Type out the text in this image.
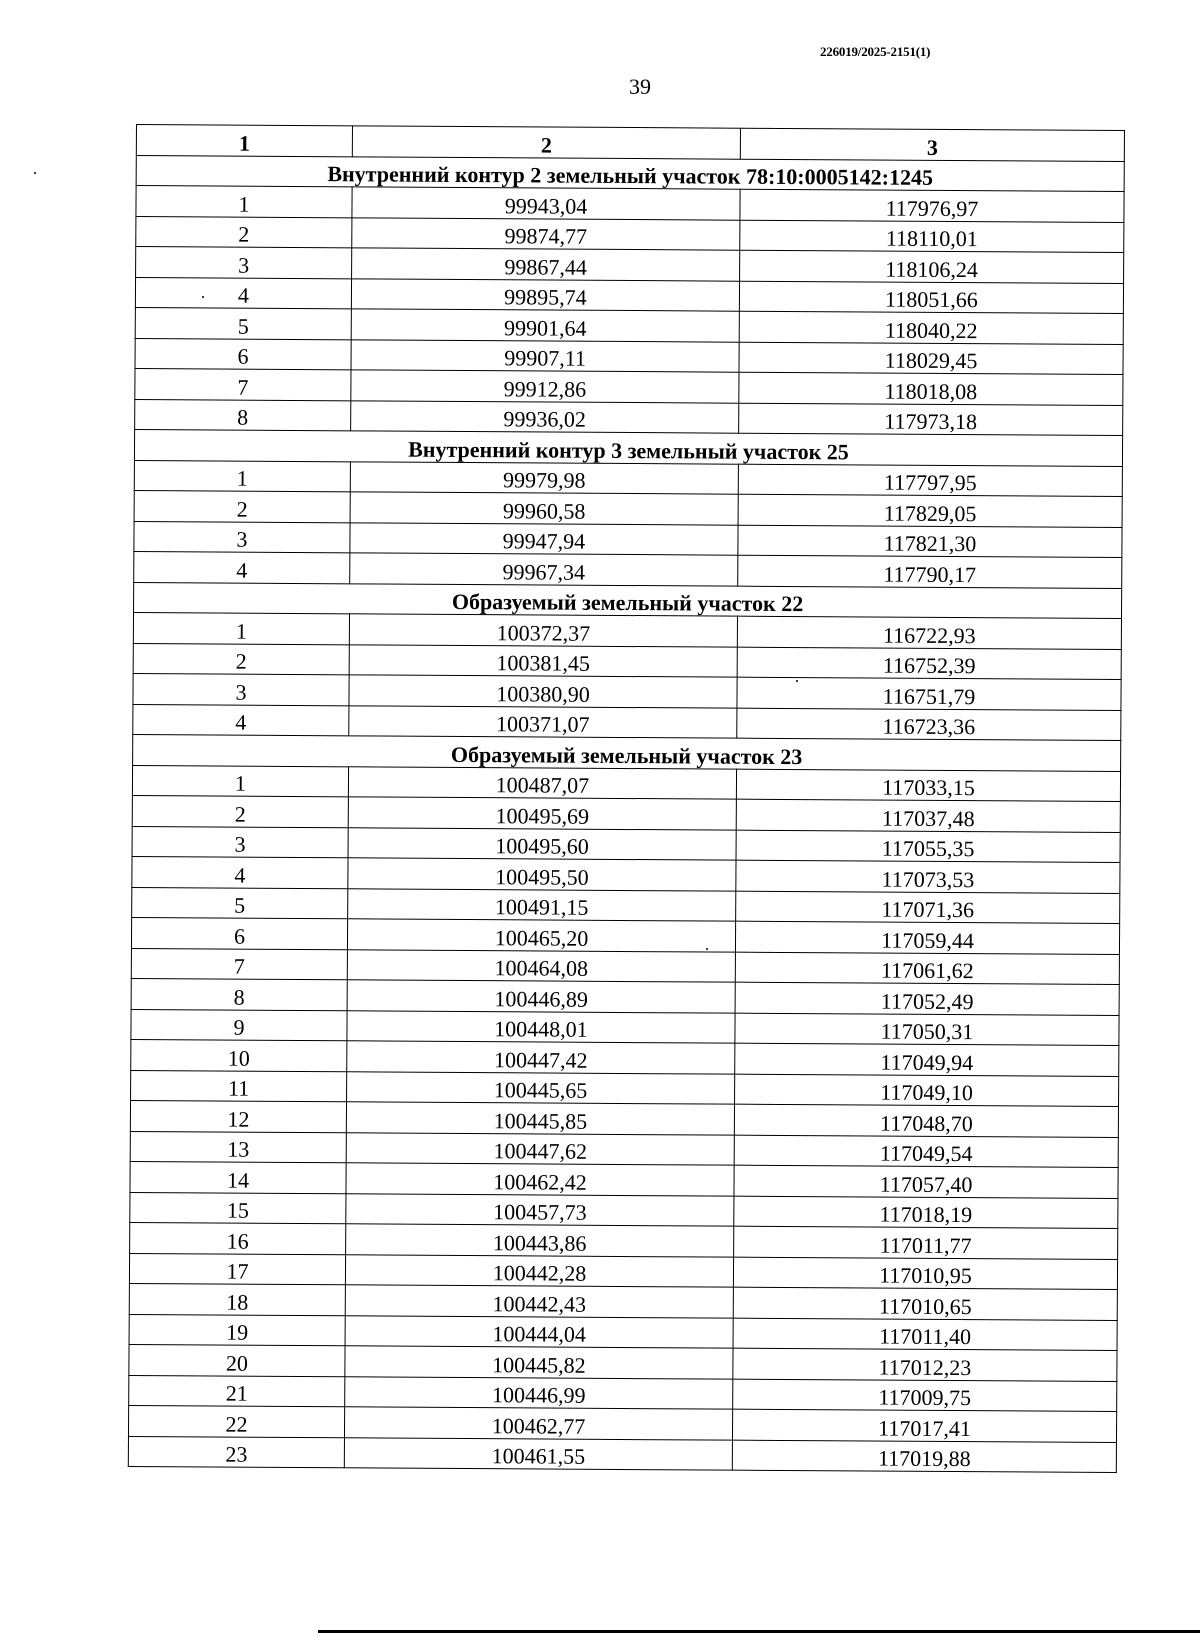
226019/2025-2151(1)
39
1	2	3
Внутренний контур 2 земельный участок 78:10:0005142:1245		
1	99943,04	117976,97
2	99874,77	118110,01
3	99867,44	118106,24
4	99895,74	118051,66
5	99901,64	118040,22
6	99907,11	118029,45
7	99912,86	118018,08
8	99936,02	117973,18
Внутренний контур 3 земельный участок 25		
1	99979,98	117797,95
2	99960,58	117829,05
3	99947,94	117821,30
4	99967,34	117790,17
Образуемый земельный участок 22		
1	100372,37	116722,93
2	100381,45	116752,39
3	100380,90	116751,79
4	100371,07	116723,36
Образуемый земельный участок 23		
1	100487,07	117033,15
2	100495,69	117037,48
3	100495,60	117055,35
4	100495,50	117073,53
5	100491,15	117071,36
6	100465,20	117059,44
7	100464,08	117061,62
8	100446,89	117052,49
9	100448,01	117050,31
10	100447,42	117049,94
11	100445,65	117049,10
12	100445,85	117048,70
13	100447,62	117049,54
14	100462,42	117057,40
15	100457,73	117018,19
16	100443,86	117011,77
17	100442,28	117010,95
18	100442,43	117010,65
19	100444,04	117011,40
20	100445,82	117012,23
21	100446,99	117009,75
22	100462,77	117017,41
23	100461,55	117019,88
